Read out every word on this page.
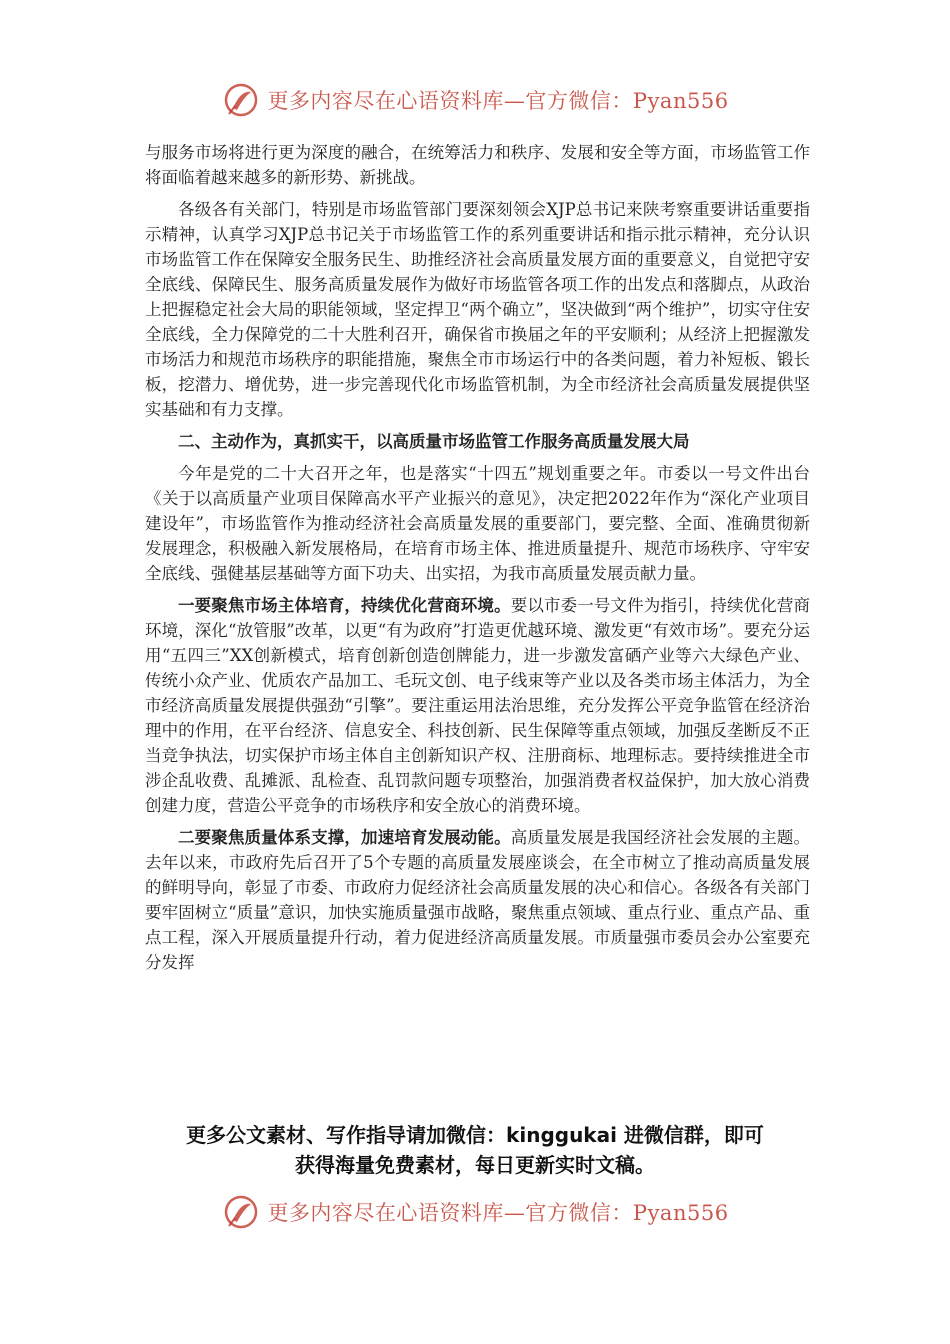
更多内容尽在心语资料库—官方微信：Pyan556

与服务市场将进行更为深度的融合，在统筹活力和秩序、发展和安全等方面，市场监管工作将面临着越来越多的新形势、新挑战。

各级各有关部门，特别是市场监管部门要深刻领会XJP总书记来陕考察重要讲话重要指示精神，认真学习XJP总书记关于市场监管工作的系列重要讲话和指示批示精神，充分认识市场监管工作在保障安全服务民生、助推经济社会高质量发展方面的重要意义，自觉把守安全底线、保障民生、服务高质量发展作为做好市场监管各项工作的出发点和落脚点，从政治上把握稳定社会大局的职能领域，坚定捍卫“两个确立”，坚决做到“两个维护”，切实守住安全底线，全力保障党的二十大胜利召开，确保省市换届之年的平安顺利；从经济上把握激发市场活力和规范市场秩序的职能措施，聚焦全市市场运行中的各类问题，着力补短板、锻长板，挖潜力、增优势，进一步完善现代化市场监管机制，为全市经济社会高质量发展提供坚实基础和有力支撑。

二、主动作为，真抓实干，以高质量市场监管工作服务高质量发展大局

今年是党的二十大召开之年，也是落实“十四五”规划重要之年。市委以一号文件出台《关于以高质量产业项目保障高水平产业振兴的意见》，决定把2022年作为“深化产业项目建设年”，市场监管作为推动经济社会高质量发展的重要部门，要完整、全面、准确贯彻新发展理念，积极融入新发展格局，在培育市场主体、推进质量提升、规范市场秩序、守牢安全底线、强健基层基础等方面下功夫、出实招，为我市高质量发展贡献力量。

一要聚焦市场主体培育，持续优化营商环境。要以市委一号文件为指引，持续优化营商环境，深化“放管服”改革，以更“有为政府”打造更优越环境、激发更“有效市场”。要充分运用“五四三”XX创新模式，培育创新创造创牌能力，进一步激发富硒产业等六大绿色产业、传统小众产业、优质农产品加工、毛玩文创、电子线束等产业以及各类市场主体活力，为全市经济高质量发展提供强劲“引擎”。要注重运用法治思维，充分发挥公平竞争监管在经济治理中的作用，在平台经济、信息安全、科技创新、民生保障等重点领域，加强反垄断反不正当竞争执法，切实保护市场主体自主创新知识产权、注册商标、地理标志。要持续推进全市涉企乱收费、乱摊派、乱检查、乱罚款问题专项整治，加强消费者权益保护，加大放心消费创建力度，营造公平竞争的市场秩序和安全放心的消费环境。

二要聚焦质量体系支撑，加速培育发展动能。高质量发展是我国经济社会发展的主题。去年以来，市政府先后召开了5个专题的高质量发展座谈会，在全市树立了推动高质量发展的鲜明导向，彰显了市委、市政府力促经济社会高质量发展的决心和信心。各级各有关部门要牢固树立“质量”意识，加快实施质量强市战略，聚焦重点领域、重点行业、重点产品、重点工程，深入开展质量提升行动，着力促进经济高质量发展。市质量强市委员会办公室要充分发挥

更多公文素材、写作指导请加微信：kinggukai 进微信群，即可
获得海量免费素材，每日更新实时文稿。
更多内容尽在心语资料库—官方微信：Pyan556
